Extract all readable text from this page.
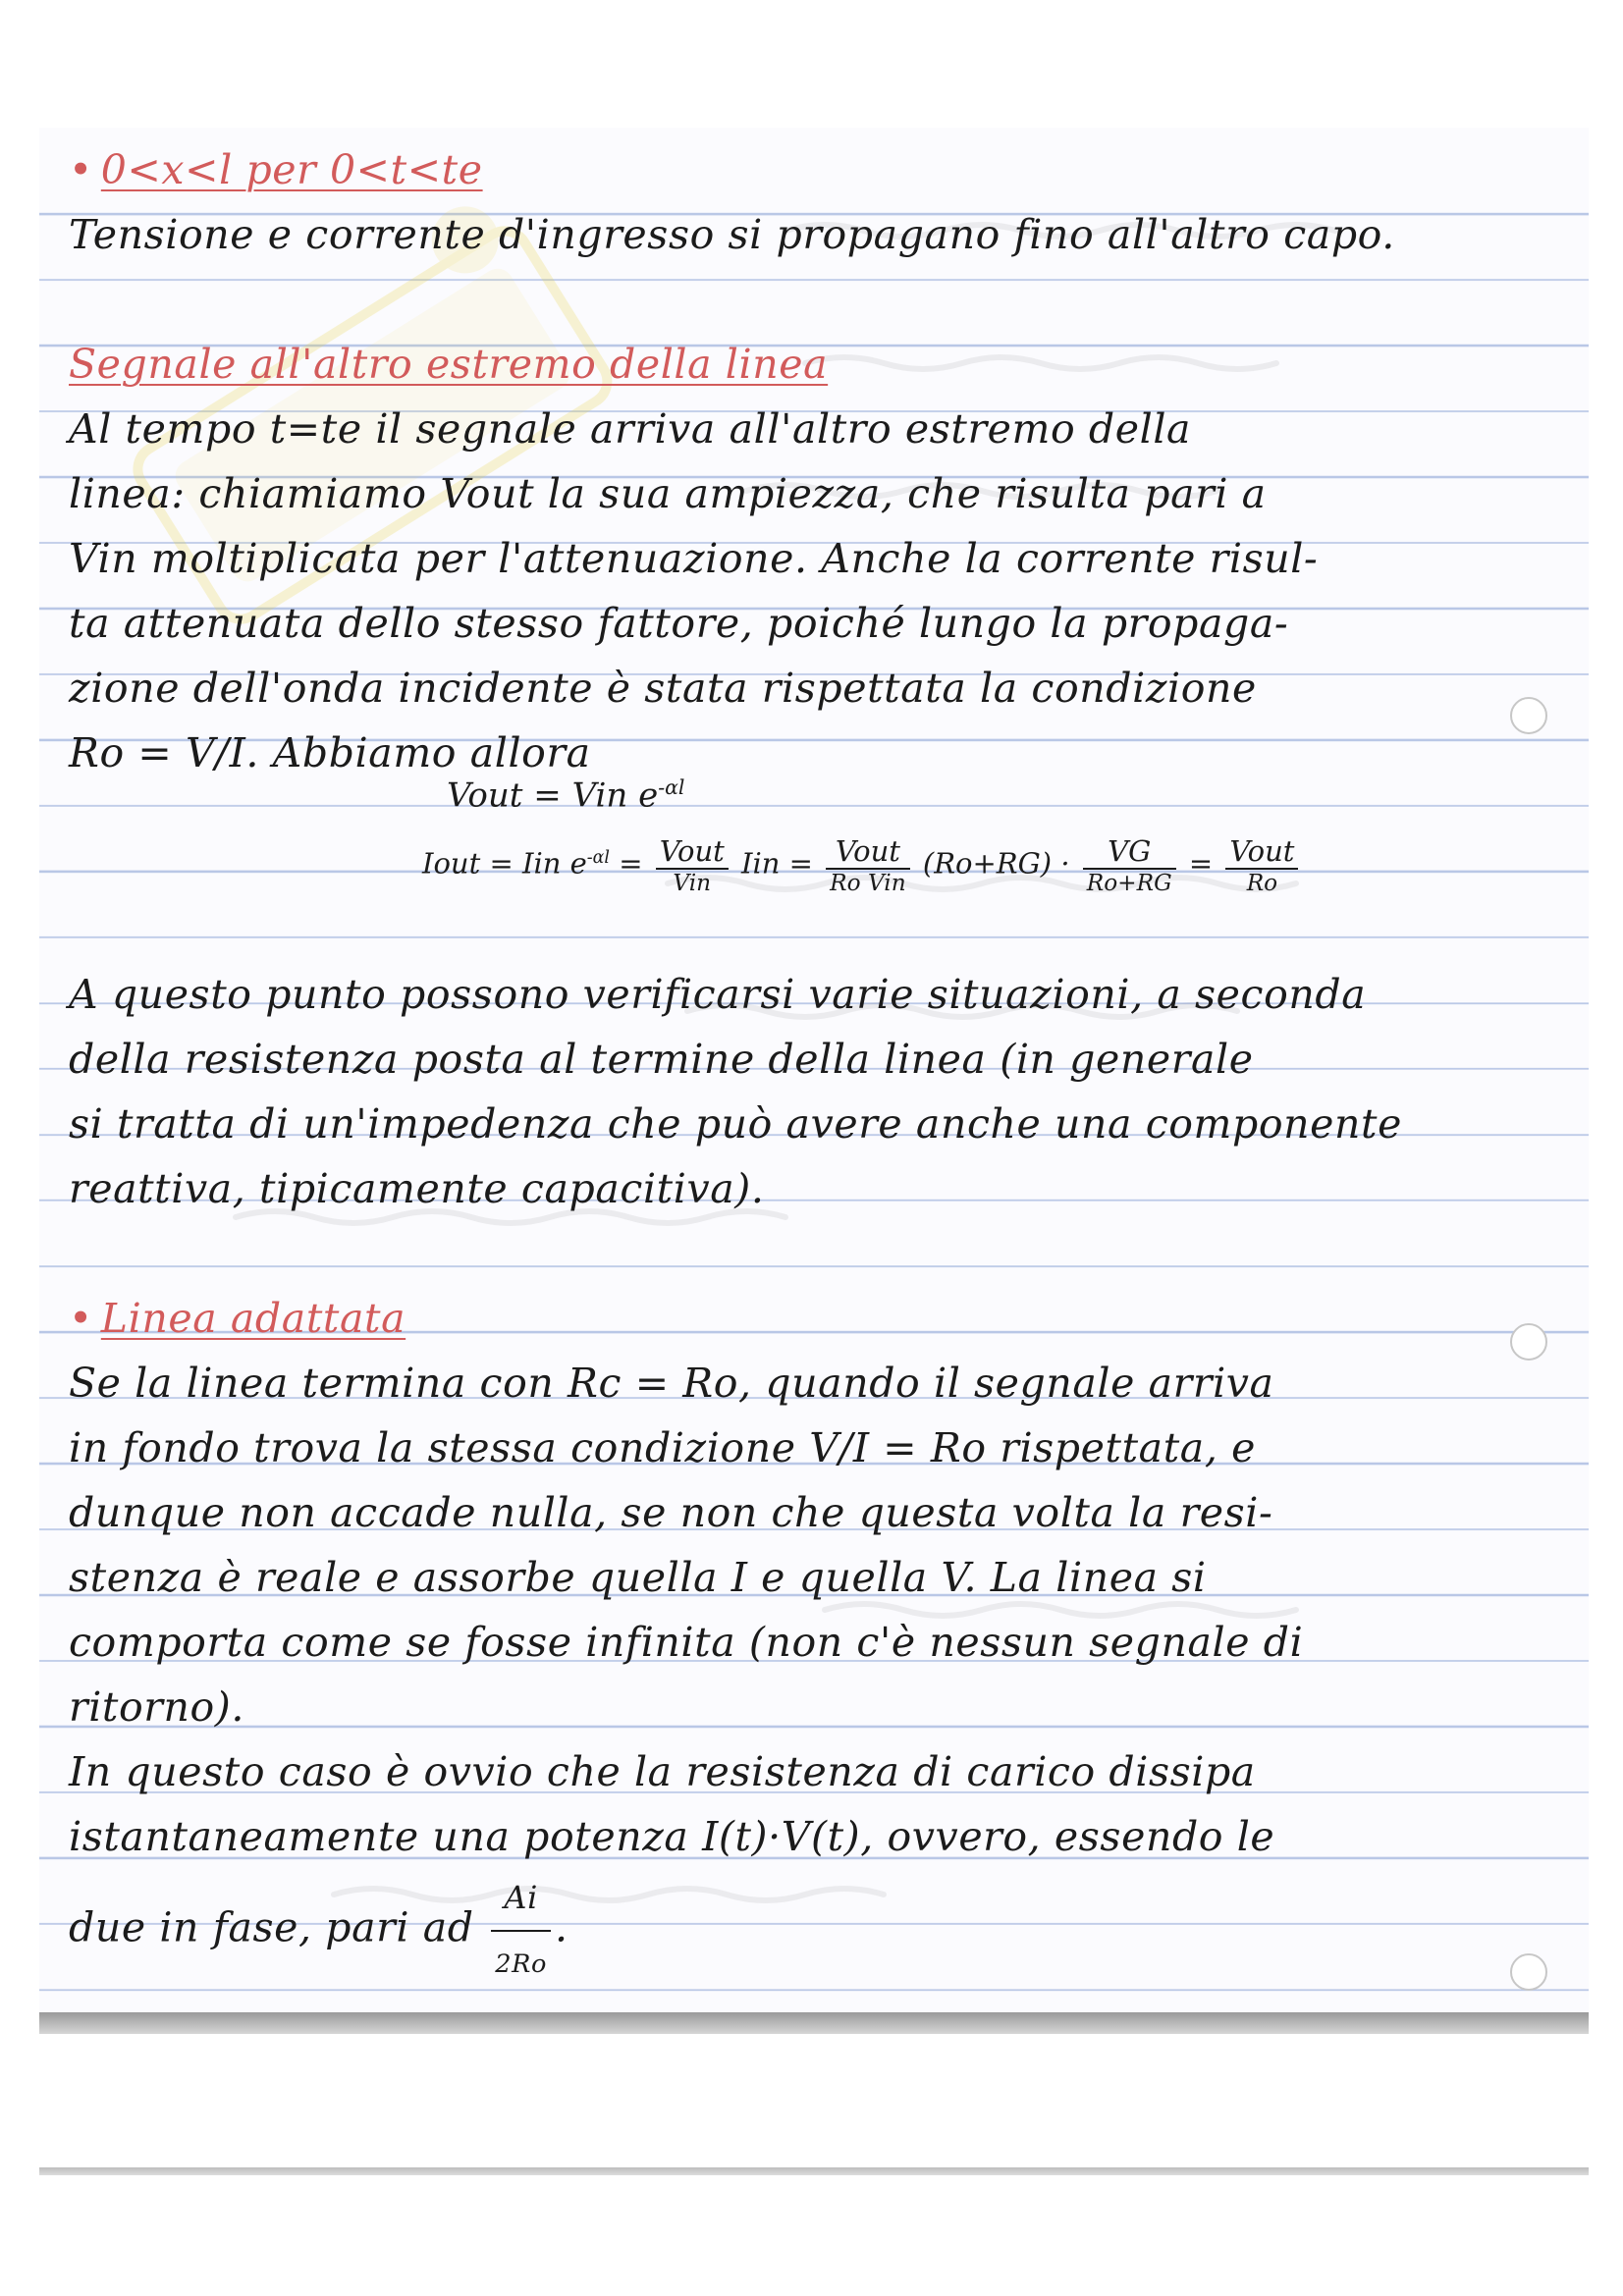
• 0<x<l per 0<t<te
Tensione e corrente d'ingresso si propagano fino all'altro capo.
Segnale all'altro estremo della linea
Al tempo t=te il segnale arriva all'altro estremo della
linea: chiamiamo Vout la sua ampiezza, che risulta pari a
Vin moltiplicata per l'attenuazione. Anche la corrente risul-
ta attenuata dello stesso fattore, poiché lungo la propaga-
zione dell'onda incidente è stata rispettata la condizione
Ro = V/I. Abbiamo allora
Vout = Vin $e^{-\alpha l}$
Iout = Iin $e^{-\alpha l} = \frac{\text{Vout}}{\text{Vin}}$ Iin = $\frac{\text{Vout}}{\text{Ro Vin}} (Ro+RG) \cdot \frac{VG}{Ro+RG} = \frac{\text{Vout}}{Ro}$
A questo punto possono verificarsi varie situazioni, a seconda
della resistenza posta al termine della linea (in generale
si tratta di un'impedenza che può avere anche una componente
reattiva, tipicamente capacitiva).
• Linea adattata
Se la linea termina con Rc = Ro, quando il segnale arriva
in fondo trova la stessa condizione V/I = Ro rispettata, e
dunque non accade nulla, se non che questa volta la resi-
stenza è reale e assorbe quella I e quella V. La linea si
comporta come se fosse infinita (non c'è nessun segnale di
ritorno).
In questo caso è ovvio che la resistenza di carico dissipa
istantaneamente una potenza I(t)·V(t), ovvero, essendo le
due in fase, pari ad $\frac{Ai}{2Ro}$ .
